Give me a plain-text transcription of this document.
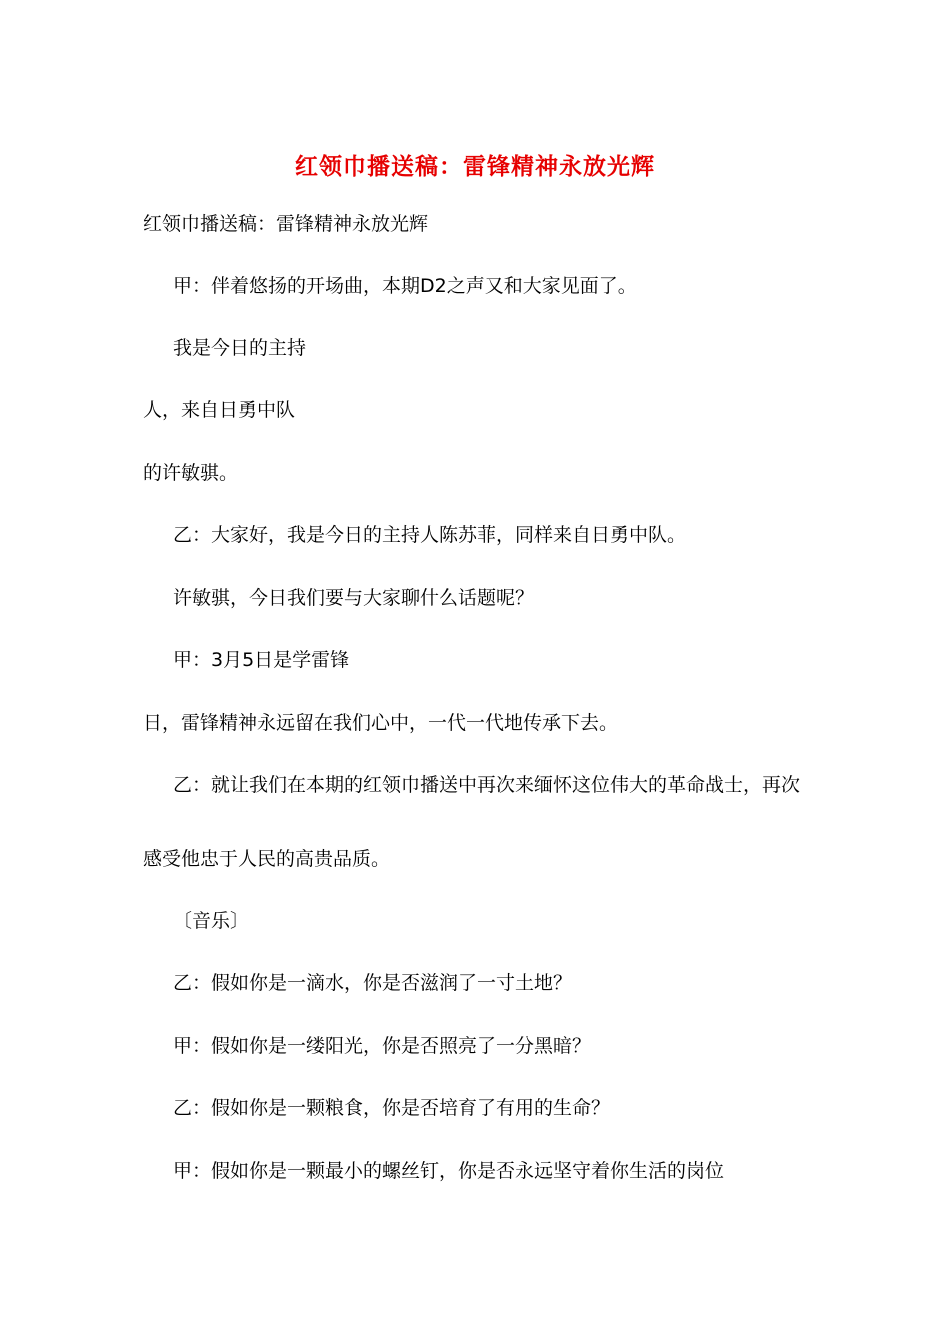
红领巾播送稿：雷锋精神永放光辉
红领巾播送稿：雷锋精神永放光辉
甲：伴着悠扬的开场曲，本期D2之声又和大家见面了。
我是今日的主持
人，来自日勇中队
的许敏骐。
乙：大家好，我是今日的主持人陈苏菲，同样来自日勇中队。
许敏骐，今日我们要与大家聊什么话题呢？
甲：3月5日是学雷锋
日，雷锋精神永远留在我们心中，一代一代地传承下去。
乙：就让我们在本期的红领巾播送中再次来缅怀这位伟大的革命战士，再次
感受他忠于人民的高贵品质。
〔音乐〕
乙：假如你是一滴水，你是否滋润了一寸土地？
甲：假如你是一缕阳光，你是否照亮了一分黑暗？
乙：假如你是一颗粮食，你是否培育了有用的生命？
甲：假如你是一颗最小的螺丝钉，你是否永远坚守着你生活的岗位
